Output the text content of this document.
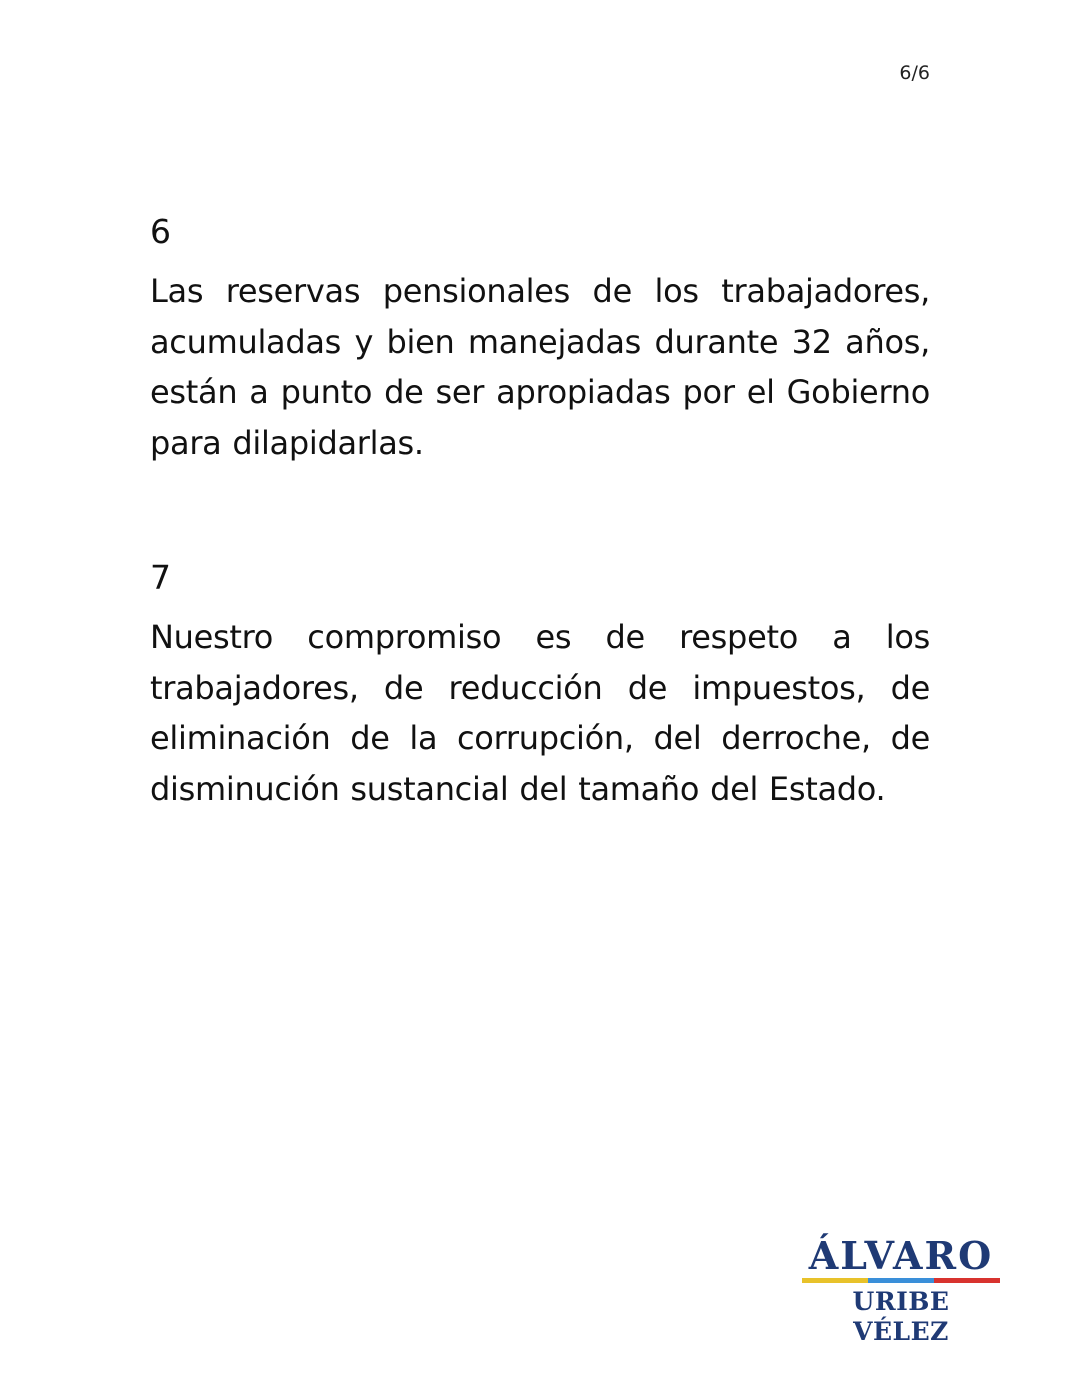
6/6
6

Las reservas pensionales de los trabajadores, acumuladas y bien manejadas durante 32 años, están a punto de ser apropiadas por el Gobierno para dilapidarlas.

7

Nuestro compromiso es de respeto a los trabajadores, de reducción de impuestos, de eliminación de la corrupción, del derroche, de disminución sustancial del tamaño del Estado.

ÁLVARO
URIBE VÉLEZ
